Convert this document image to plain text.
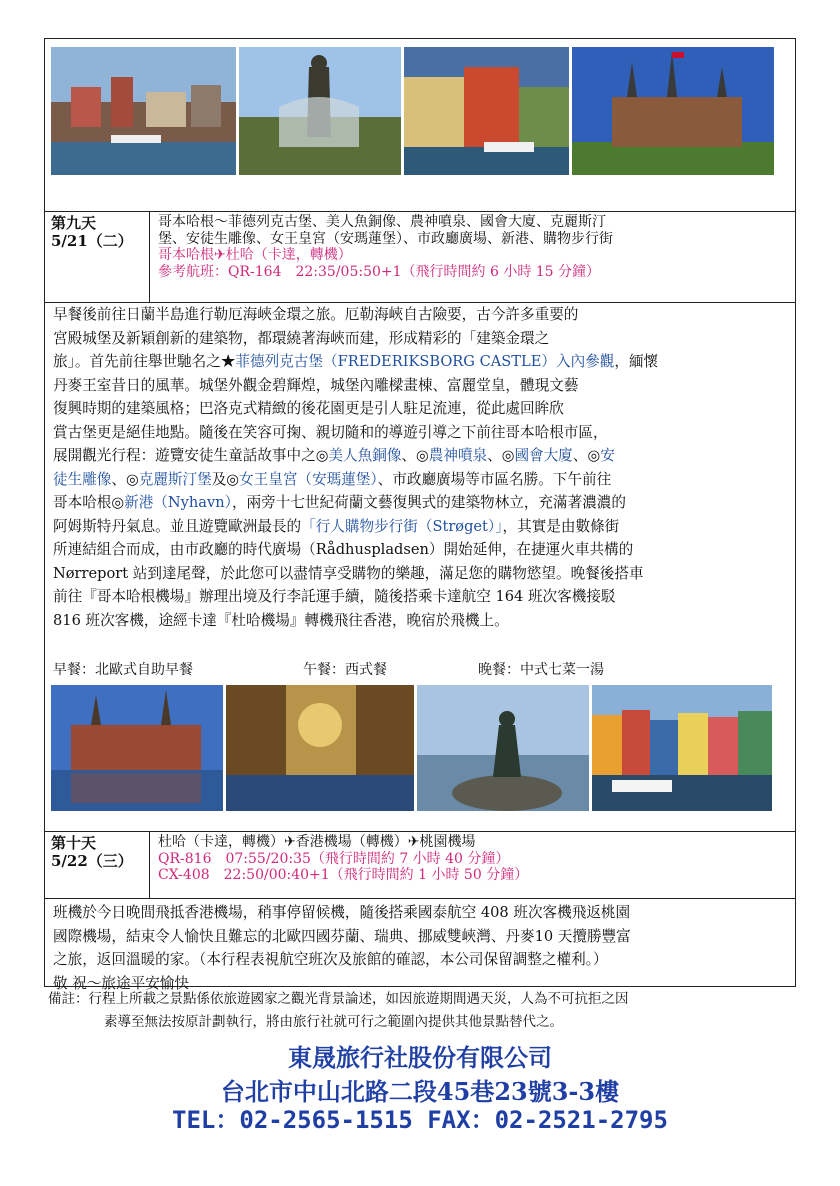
第九天
5/21（二）
哥本哈根～菲德列克古堡、美人魚銅像、農神噴泉、國會大廈、克麗斯汀
堡、安徒生雕像、女王皇宮（安瑪蓮堡）、市政廳廣場、新港、購物步行街
哥本哈根✈杜哈（卡達，轉機）
參考航班：QR-164　22:35/05:50+1（飛行時間約 6 小時 15 分鐘）
早餐後前往日蘭半島進行勒厄海峽金環之旅。厄勒海峽自古險要，古今許多重要的
宮殿城堡及新穎創新的建築物，都環繞著海峽而建，形成精彩的「建築金環之
旅」。首先前往舉世馳名之★菲德列克古堡（FREDERIKSBORG CASTLE）入內參觀，緬懷
丹麥王室昔日的風華。城堡外觀金碧輝煌，城堡內雕樑畫棟、富麗堂皇，體現文藝
復興時期的建築風格；巴洛克式精緻的後花園更是引人駐足流連，從此處回眸欣
賞古堡更是絕佳地點。隨後在笑容可掬、親切隨和的導遊引導之下前往哥本哈根市區，
展開觀光行程：遊覽安徒生童話故事中之◎美人魚銅像、◎農神噴泉、◎國會大廈、◎安
徒生雕像、◎克麗斯汀堡及◎女王皇宮（安瑪蓮堡）、市政廳廣場等市區名勝。下午前往
哥本哈根◎新港（Nyhavn），兩旁十七世紀荷蘭文藝復興式的建築物林立，充滿著濃濃的
阿姆斯特丹氣息。並且遊覽歐洲最長的「行人購物步行街（Strøget）」，其實是由數條街
所連結組合而成，由市政廳的時代廣場（Rådhuspladsen）開始延伸，在捷運火車共構的
Nørreport 站到達尾聲，於此您可以盡情享受購物的樂趣，滿足您的購物慾望。晚餐後搭車
前往『哥本哈根機場』辦理出境及行李託運手續，隨後搭乘卡達航空 164 班次客機接駁
816 班次客機，途經卡達『杜哈機場』轉機飛往香港，晚宿於飛機上。
早餐：北歐式自助早餐	午餐：西式餐	晚餐：中式七菜一湯
第十天
5/22（三）
杜哈（卡達，轉機）✈香港機場（轉機）✈桃園機場
QR-816　07:55/20:35（飛行時間約 7 小時 40 分鐘）
CX-408　22:50/00:40+1（飛行時間約 1 小時 50 分鐘）
班機於今日晚間飛抵香港機場，稍事停留候機，隨後搭乘國泰航空 408 班次客機飛返桃園
國際機場，結束令人愉快且難忘的北歐四國芬蘭、瑞典、挪威雙峽灣、丹麥10 天攬勝豐富
之旅，返回溫暖的家。（本行程表視航空班次及旅館的確認，本公司保留調整之權利。）
敬 祝～旅途平安愉快
備註：行程上所載之景點係依旅遊國家之觀光背景論述，如因旅遊期間遇天災，人為不可抗拒之因
素導至無法按原計劃執行，將由旅行社就可行之範圍內提供其他景點替代之。
東晟旅行社股份有限公司
台北市中山北路二段45巷23號3-3樓
TEL：02-2565-1515 FAX：02-2521-2795
